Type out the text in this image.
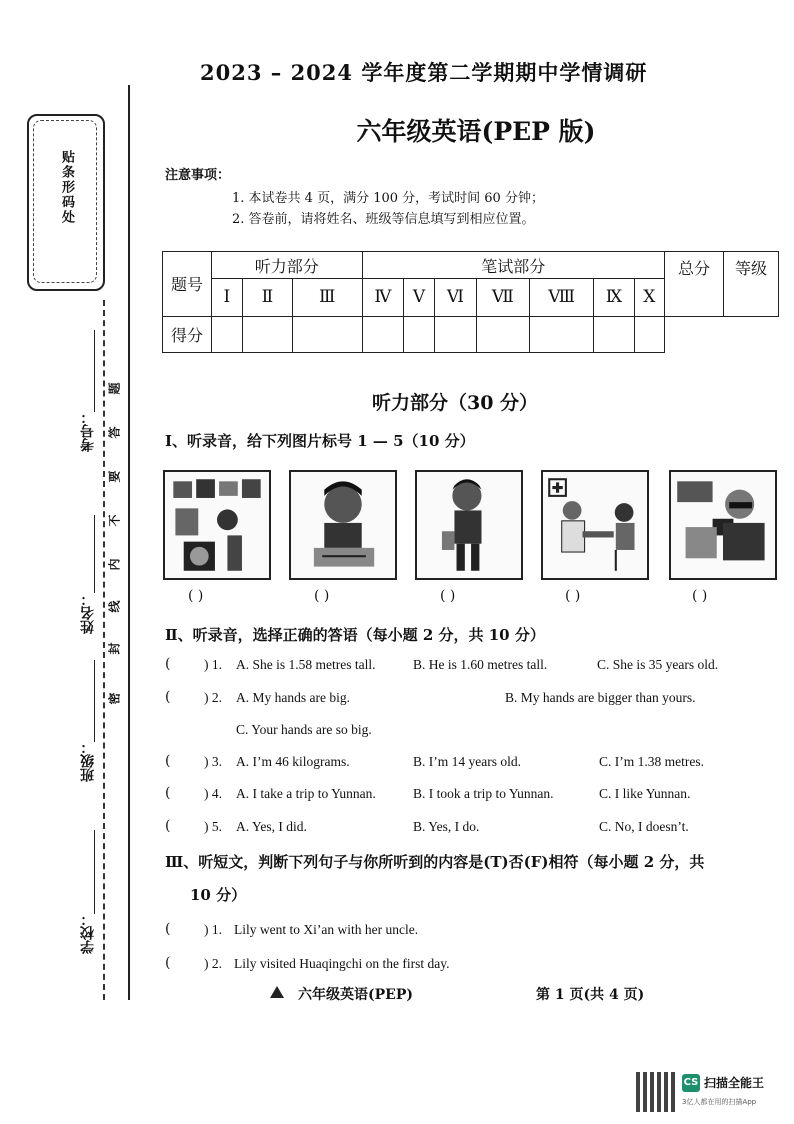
贴条形码处
考号：
姓名：
班级：
学校：
密
封
线
内
不
要
答
题
2023 – 2024 学年度第二学期期中学情调研
六年级英语(PEP 版)
注意事项：
1. 本试卷共 4 页，满分 100 分，考试时间 60 分钟；
2. 答卷前，请将姓名、班级等信息填写到相应位置。
题号	听力部分			笔试部分							总分	等级
	Ⅰ	Ⅱ	Ⅲ	Ⅳ	Ⅴ	Ⅵ	Ⅶ	Ⅷ	Ⅸ	Ⅹ		
得分												
听力部分（30 分）
Ⅰ、听录音，给下列图片标号 1 — 5（10 分）
( )	( )	( )	( )	( )
Ⅱ、听录音，选择正确的答语（每小题 2 分，共 10 分）
( ) 1. A. She is 1.58 metres tall.	B. He is 1.60 metres tall.	C. She is 35 years old.
( ) 2. A. My hands are big.	B. My hands are bigger than yours.
C. Your hands are so big.
( ) 3. A. I’m 46 kilograms.	B. I’m 14 years old.	C. I’m 1.38 metres.
( ) 4. A. I take a trip to Yunnan.	B. I took a trip to Yunnan.	C. I like Yunnan.
( ) 5. A. Yes, I did.	B. Yes, I do.	C. No, I doesn’t.
Ⅲ、听短文，判断下列句子与你所听到的内容是(T)否(F)相符（每小题 2 分，共
10 分）
( ) 1. Lily went to Xi’an with her uncle.
( ) 2. Lily visited Huaqingchi on the first day.
六年级英语(PEP)	第 1 页(共 4 页)
CS 扫描全能王
3亿人都在用的扫描App
